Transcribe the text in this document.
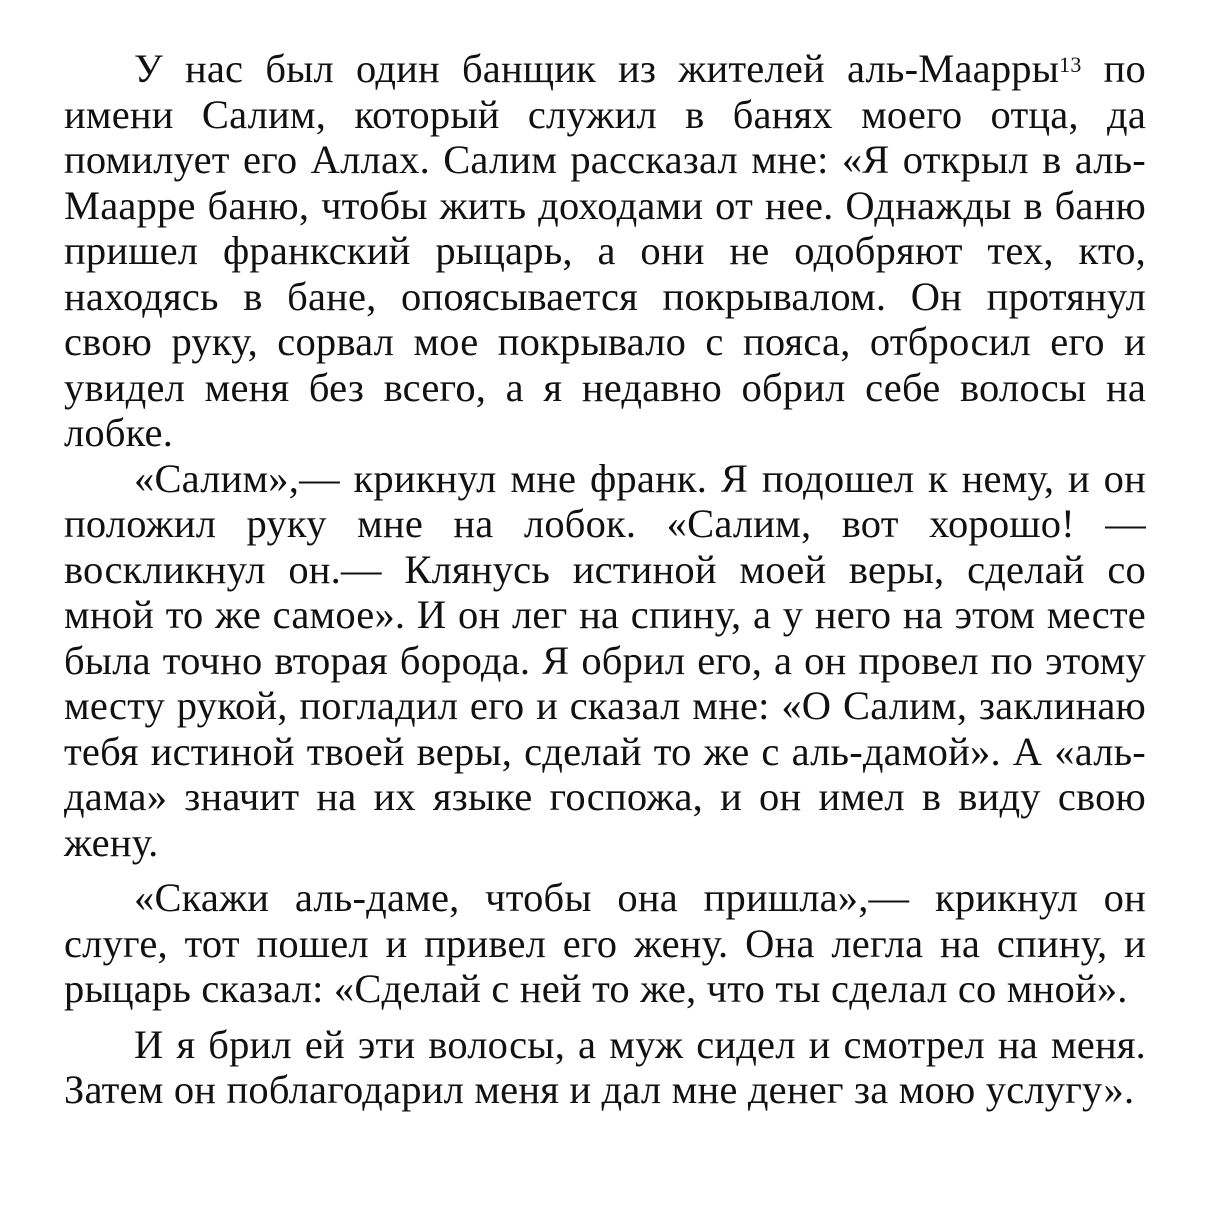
У нас был один банщик из жителей аль-Маарры$^{13}$ по имени Салим, который служил в банях моего отца, да помилует его Аллах. Салим рассказал мне: «Я открыл в аль-Маарре баню, чтобы жить доходами от нее. Однажды в баню пришел франкский рыцарь, а они не одобряют тех, кто, находясь в бане, опоясывается покрывалом. Он протянул свою руку, сорвал мое покрывало с пояса, отбросил его и увидел меня без всего, а я недавно обрил себе волосы на лобке.

«Салим»,— крикнул мне франк. Я подошел к нему, и он положил руку мне на лобок. «Салим, вот хорошо! — воскликнул он.— Клянусь истиной моей веры, сделай со мной то же самое». И он лег на спину, а у него на этом месте была точно вторая борода. Я обрил его, а он провел по этому месту рукой, погладил его и сказал мне: «О Салим, заклинаю тебя истиной твоей веры, сделай то же с аль-дамой». А «аль-дама» значит на их языке госпожа, и он имел в виду свою жену.

«Скажи аль-даме, чтобы она пришла»,— крикнул он слуге, тот пошел и привел его жену. Она легла на спину, и рыцарь сказал: «Сделай с ней то же, что ты сделал со мной».

И я брил ей эти волосы, а муж сидел и смотрел на меня. Затем он поблагодарил меня и дал мне денег за мою услугу».
